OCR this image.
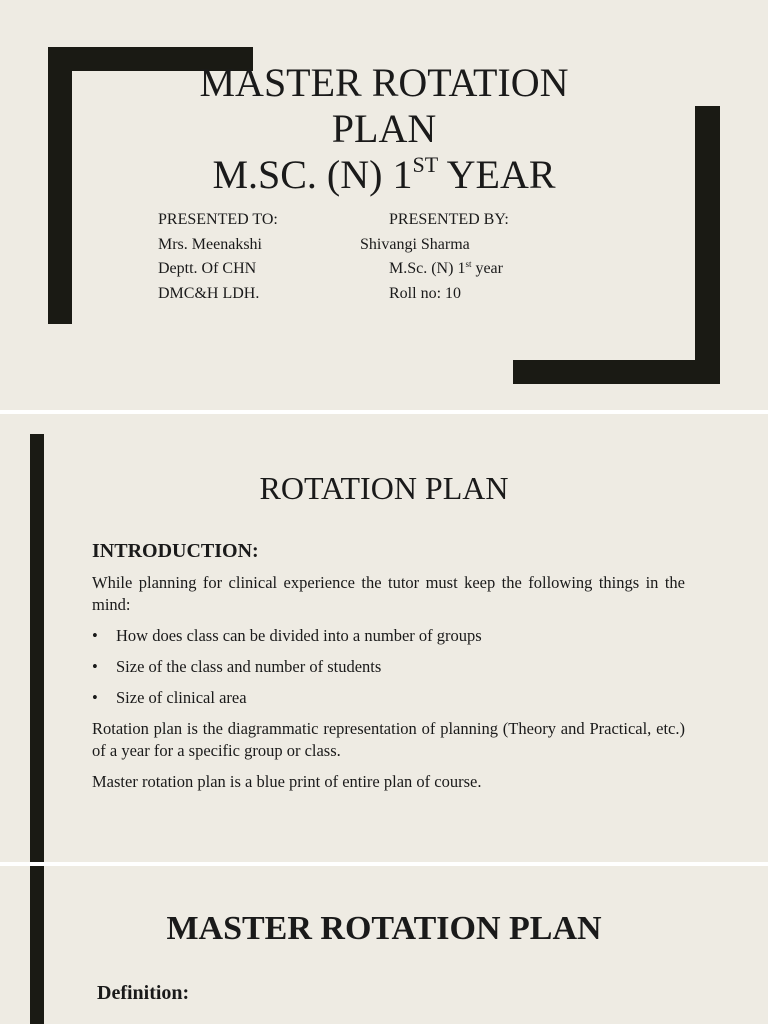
MASTER ROTATION
PLAN
M.SC. (N) 1ST YEAR
PRESENTED TO:
Mrs. Meenakshi
Deptt. Of CHN
DMC&H LDH.
PRESENTED BY:
Shivangi Sharma
M.Sc. (N) 1st year
Roll no: 10
ROTATION PLAN
INTRODUCTION:

While planning for clinical experience the tutor must keep the following things in the mind:

• How does class can be divided into a number of groups
• Size of the class and number of students
• Size of clinical area

Rotation plan is the diagrammatic representation of planning (Theory and Practical, etc.) of a year for a specific group or class.

Master rotation plan is a blue print of entire plan of course.

MASTER ROTATION PLAN
Definition:
